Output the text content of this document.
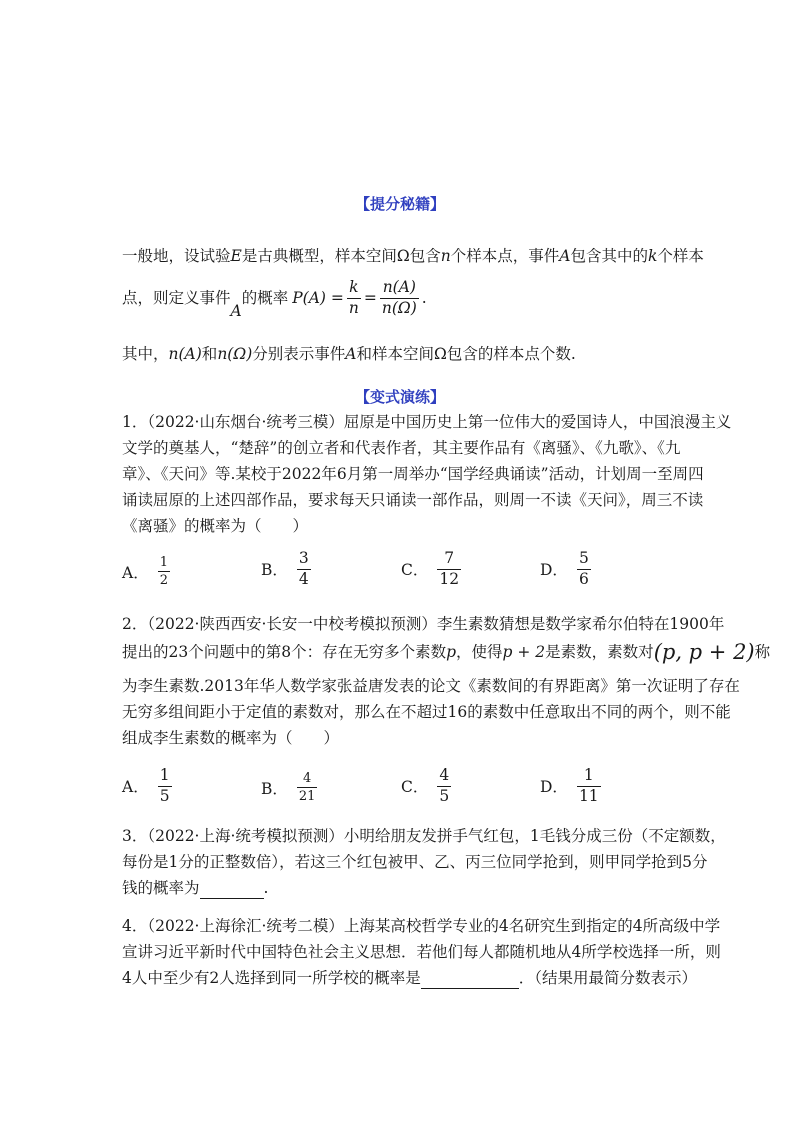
【提分秘籍】
一般地，设试验E是古典概型，样本空间Ω包含n个样本点，事件A包含其中的k个样本
点，则定义事件
A
的概率 $P(A) = \frac{k}{n} = \frac{n(A)}{n(\Omega)}$ .
其中，n(A)和n(Ω)分别表示事件A和样本空间Ω包含的样本点个数.
【变式演练】
1．（2022·山东烟台·统考三模）屈原是中国历史上第一位伟大的爱国诗人，中国浪漫主义
文学的奠基人，“楚辞”的创立者和代表作者，其主要作品有《离骚》、《九歌》、《九
章》、《天问》等.某校于2022年6月第一周举办“国学经典诵读”活动，计划周一至周四
诵读屈原的上述四部作品，要求每天只诵读一部作品，则周一不读《天问》，周三不读
《离骚》的概率为（　　）
A． $\frac{1}{2}$	B． $\frac{3}{4}$	C． $\frac{7}{12}$	D． $\frac{5}{6}$
2．（2022·陕西西安·长安一中校考模拟预测）李生素数猜想是数学家希尔伯特在1900年
提出的23个问题中的第8个：存在无穷多个素数p，使得p + 2是素数，素数对(p, p + 2)称
为李生素数.2013年华人数学家张益唐发表的论文《素数间的有界距离》第一次证明了存在
无穷多组间距小于定值的素数对，那么在不超过16的素数中任意取出不同的两个，则不能
组成李生素数的概率为（　　）
A． $\frac{1}{5}$	B． $\frac{4}{21}$	C． $\frac{4}{5}$	D． $\frac{1}{11}$
3．（2022·上海·统考模拟预测）小明给朋友发拼手气红包，1毛钱分成三份（不定额数，
每份是1分的正整数倍），若这三个红包被甲、乙、丙三位同学抢到，则甲同学抢到5分
钱的概率为	.
4．（2022·上海徐汇·统考二模）上海某高校哲学专业的4名研究生到指定的4所高级中学
宣讲习近平新时代中国特色社会主义思想．若他们每人都随机地从4所学校选择一所，则
4人中至少有2人选择到同一所学校的概率是	．（结果用最简分数表示）
